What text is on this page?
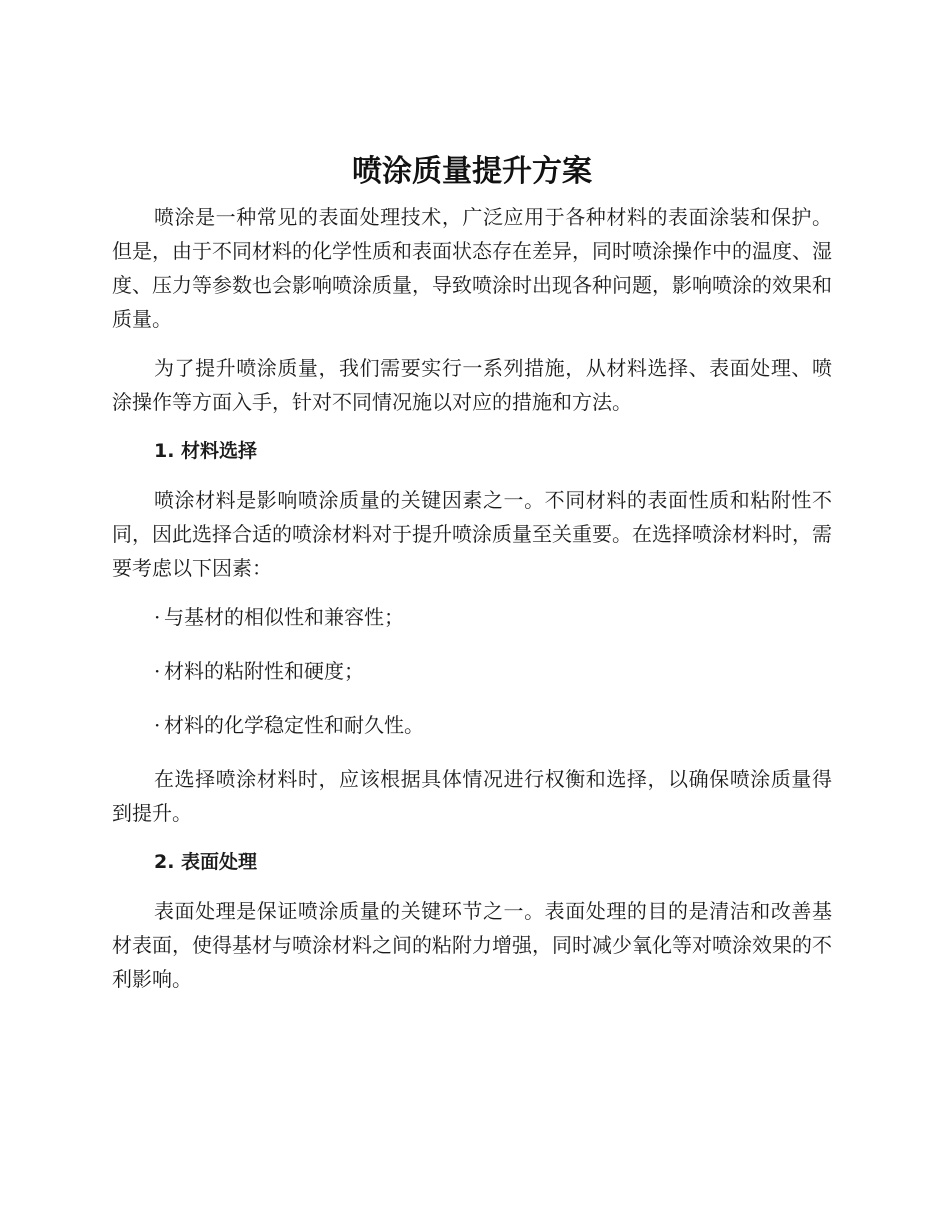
喷涂质量提升方案

喷涂是一种常见的表面处理技术，广泛应用于各种材料的表面涂装和保护。但是，由于不同材料的化学性质和表面状态存在差异，同时喷涂操作中的温度、湿度、压力等参数也会影响喷涂质量，导致喷涂时出现各种问题，影响喷涂的效果和质量。

为了提升喷涂质量，我们需要实行一系列措施，从材料选择、表面处理、喷涂操作等方面入手，针对不同情况施以对应的措施和方法。

1. 材料选择

喷涂材料是影响喷涂质量的关键因素之一。不同材料的表面性质和粘附性不同，因此选择合适的喷涂材料对于提升喷涂质量至关重要。在选择喷涂材料时，需要考虑以下因素：

· 与基材的相似性和兼容性；
· 材料的粘附性和硬度；
· 材料的化学稳定性和耐久性。

在选择喷涂材料时，应该根据具体情况进行权衡和选择，以确保喷涂质量得到提升。

2. 表面处理

表面处理是保证喷涂质量的关键环节之一。表面处理的目的是清洁和改善基材表面，使得基材与喷涂材料之间的粘附力增强，同时减少氧化等对喷涂效果的不利影响。
